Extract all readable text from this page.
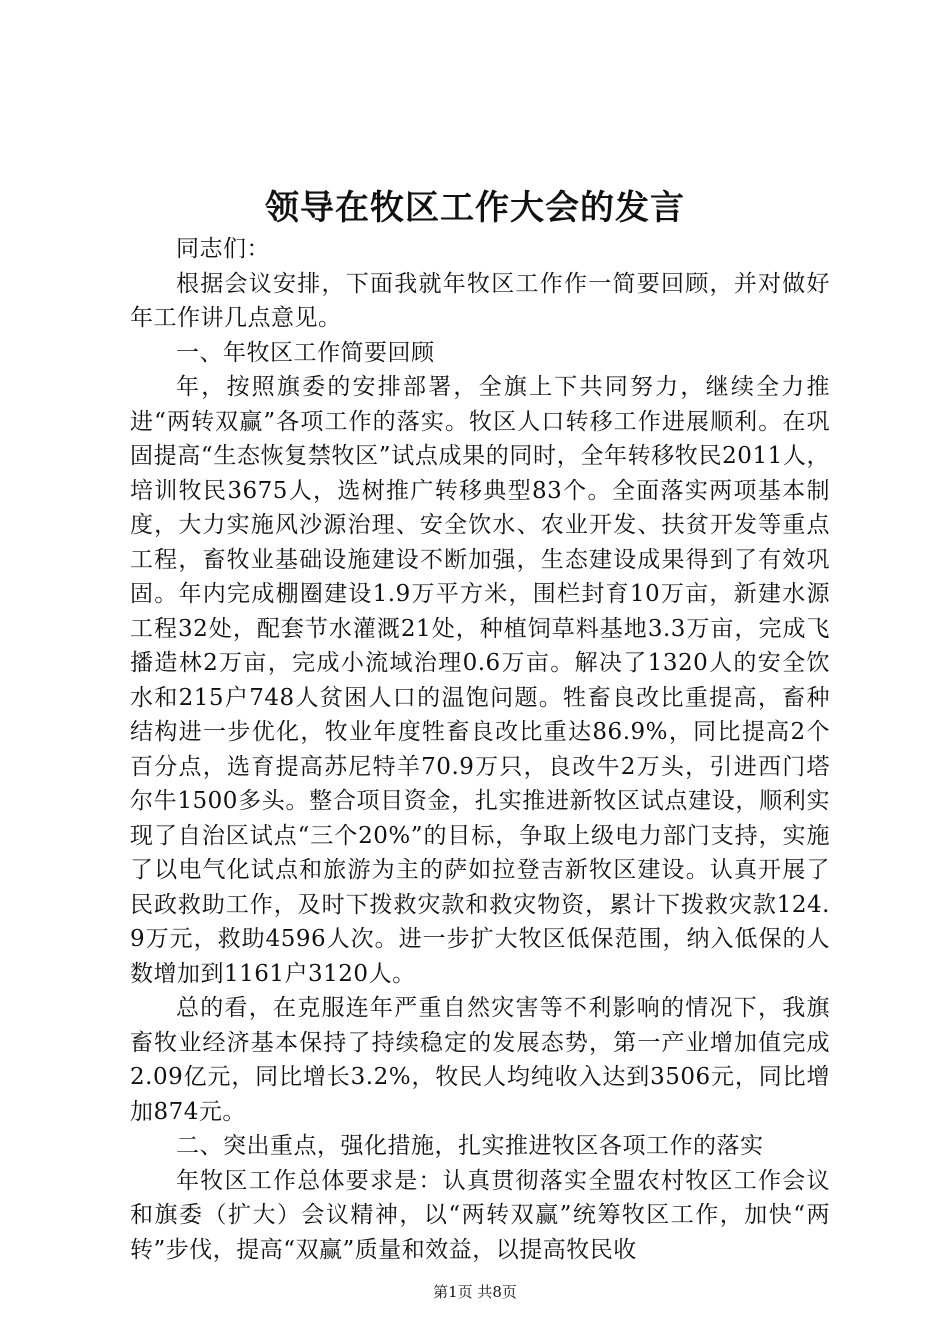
领导在牧区工作大会的发言

同志们：

根据会议安排，下面我就年牧区工作作一简要回顾，并对做好年工作讲几点意见。

一、年牧区工作简要回顾

年，按照旗委的安排部署，全旗上下共同努力，继续全力推进“两转双赢”各项工作的落实。牧区人口转移工作进展顺利。在巩固提高“生态恢复禁牧区”试点成果的同时，全年转移牧民2011人，培训牧民3675人，选树推广转移典型83个。全面落实两项基本制度，大力实施风沙源治理、安全饮水、农业开发、扶贫开发等重点工程，畜牧业基础设施建设不断加强，生态建设成果得到了有效巩固。年内完成棚圈建设1.9万平方米，围栏封育10万亩，新建水源工程32处，配套节水灌溉21处，种植饲草料基地3.3万亩，完成飞播造林2万亩，完成小流域治理0.6万亩。解决了1320人的安全饮水和215户748人贫困人口的温饱问题。牲畜良改比重提高，畜种结构进一步优化，牧业年度牲畜良改比重达86.9%，同比提高2个百分点，选育提高苏尼特羊70.9万只，良改牛2万头，引进西门塔尔牛1500多头。整合项目资金，扎实推进新牧区试点建设，顺利实现了自治区试点“三个20%”的目标，争取上级电力部门支持，实施了以电气化试点和旅游为主的萨如拉登吉新牧区建设。认真开展了民政救助工作，及时下拨救灾款和救灾物资，累计下拨救灾款124.9万元，救助4596人次。进一步扩大牧区低保范围，纳入低保的人数增加到1161户3120人。

总的看，在克服连年严重自然灾害等不利影响的情况下，我旗畜牧业经济基本保持了持续稳定的发展态势，第一产业增加值完成2.09亿元，同比增长3.2%，牧民人均纯收入达到3506元，同比增加874元。

二、突出重点，强化措施，扎实推进牧区各项工作的落实

年牧区工作总体要求是：认真贯彻落实全盟农村牧区工作会议和旗委（扩大）会议精神，以“两转双赢”统筹牧区工作，加快“两转”步伐，提高“双赢”质量和效益，以提高牧民收

第1页 共8页
